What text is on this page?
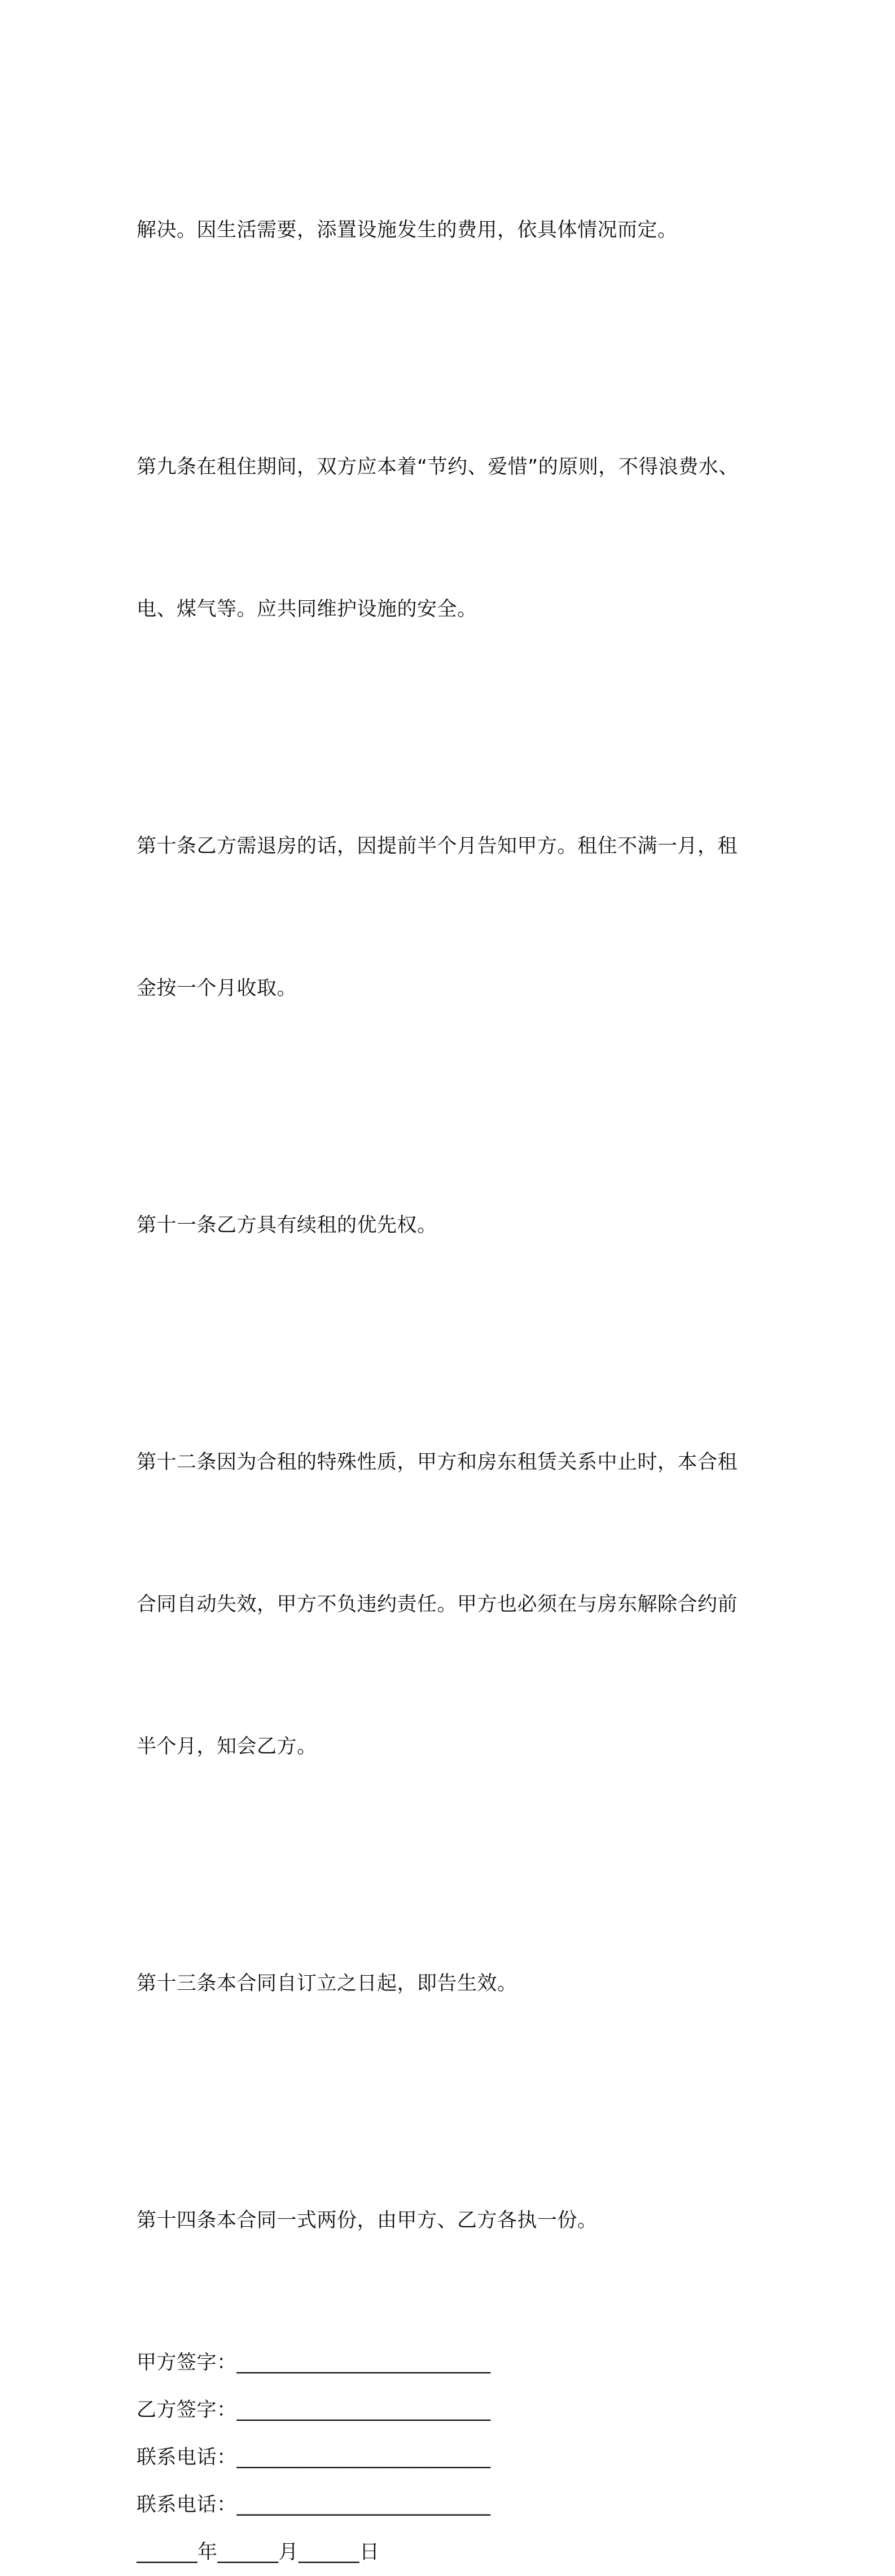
解决。因生活需要，添置设施发生的费用，依具体情况而定。

第九条在租住期间，双方应本着“节约、爱惜”的原则，不得浪费水、

电、煤气等。应共同维护设施的安全。

第十条乙方需退房的话，因提前半个月告知甲方。租住不满一月，租

金按一个月收取。

第十一条乙方具有续租的优先权。

第十二条因为合租的特殊性质，甲方和房东租赁关系中止时，本合租

合同自动失效，甲方不负违约责任。甲方也必须在与房东解除合约前

半个月，知会乙方。

第十三条本合同自订立之日起，即告生效。

第十四条本合同一式两份，由甲方、乙方各执一份。

甲方签字：_________________________
乙方签字：_________________________
联系电话：_________________________
联系电话：_________________________
______年______月______日
